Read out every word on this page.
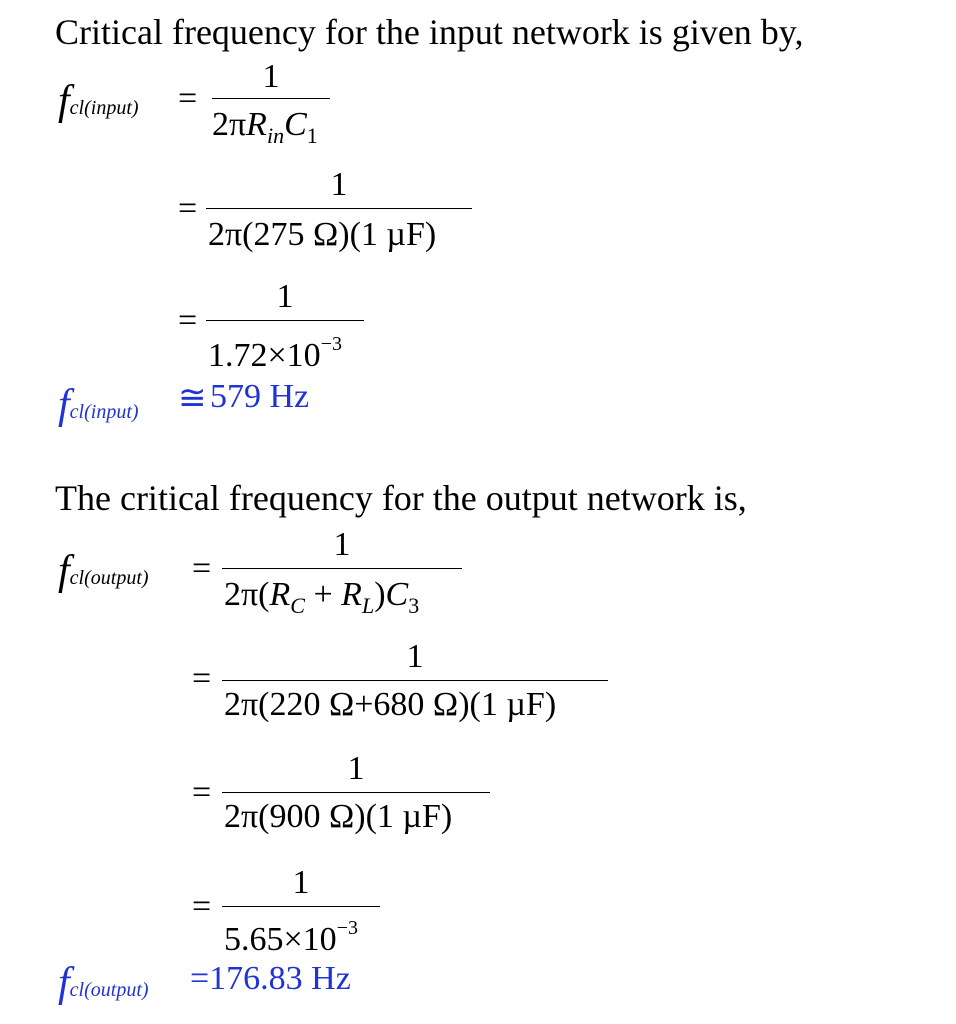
Critical frequency for the input network is given by,
fcl(input) =
1
$2\pi R_{in}C_1$
=
1
2π(275 Ω)(1 µF)
=
1
$1.72\times 10^{-3}$
fcl(input) ≅ 579 Hz
The critical frequency for the output network is,
fcl(output) =
1
$2\pi(R_C + R_L)C_3$
=
1
2π(220 Ω+680 Ω)(1 µF)
=
1
2π(900 Ω)(1 µF)
=
1
$5.65\times 10^{-3}$
fcl(output) =176.83 Hz
